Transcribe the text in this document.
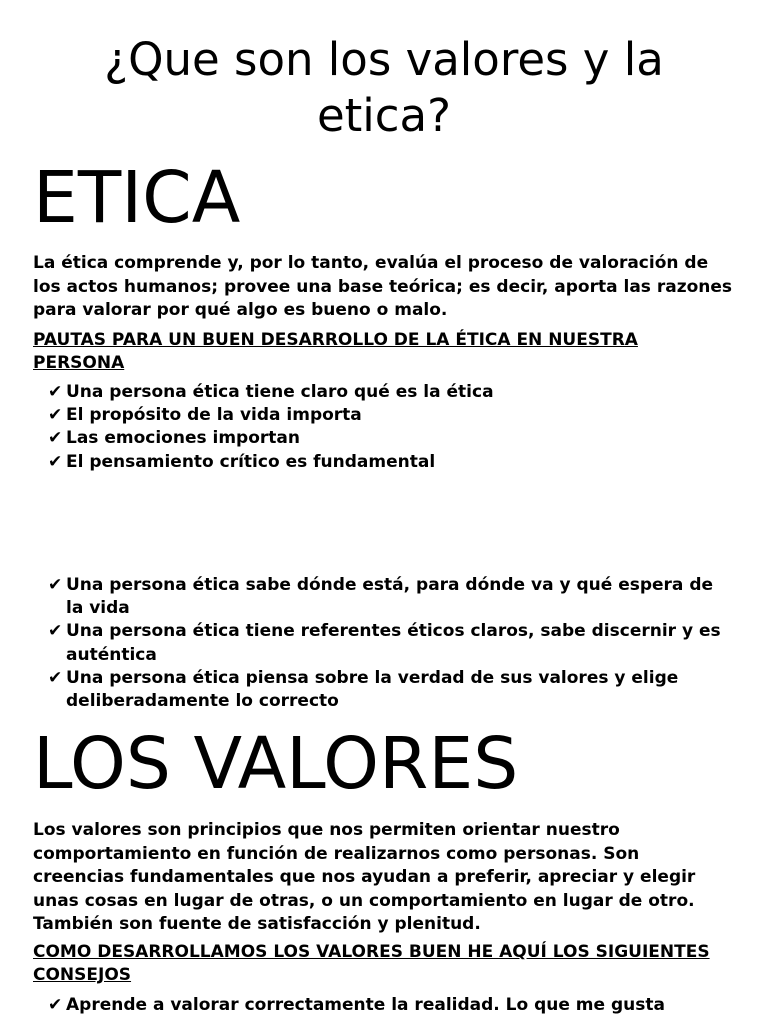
¿Que son los valores y la etica?
ETICA

La ética comprende y, por lo tanto, evalúa el proceso de valoración de los actos humanos; provee una base teórica; es decir, aporta las razones para valorar por qué algo es bueno o malo.

PAUTAS PARA UN BUEN DESARROLLO DE LA ÉTICA EN NUESTRA PERSONA

✔ Una persona ética tiene claro qué es la ética
✔ El propósito de la vida importa
✔ Las emociones importan
✔ El pensamiento crítico es fundamental
✔ Una persona ética sabe dónde está, para dónde va y qué espera de la vida
✔ Una persona ética tiene referentes éticos claros, sabe discernir y es auténtica
✔ Una persona ética piensa sobre la verdad de sus valores y elige deliberadamente lo correcto
LOS VALORES

Los valores son principios que nos permiten orientar nuestro comportamiento en función de realizarnos como personas. Son creencias fundamentales que nos ayudan a preferir, apreciar y elegir unas cosas en lugar de otras, o un comportamiento en lugar de otro. También son fuente de satisfacción y plenitud.

COMO DESARROLLAMOS LOS VALORES BUEN HE AQUÍ LOS SIGUIENTES CONSEJOS

✔ Aprende a valorar correctamente la realidad. Lo que me gusta
